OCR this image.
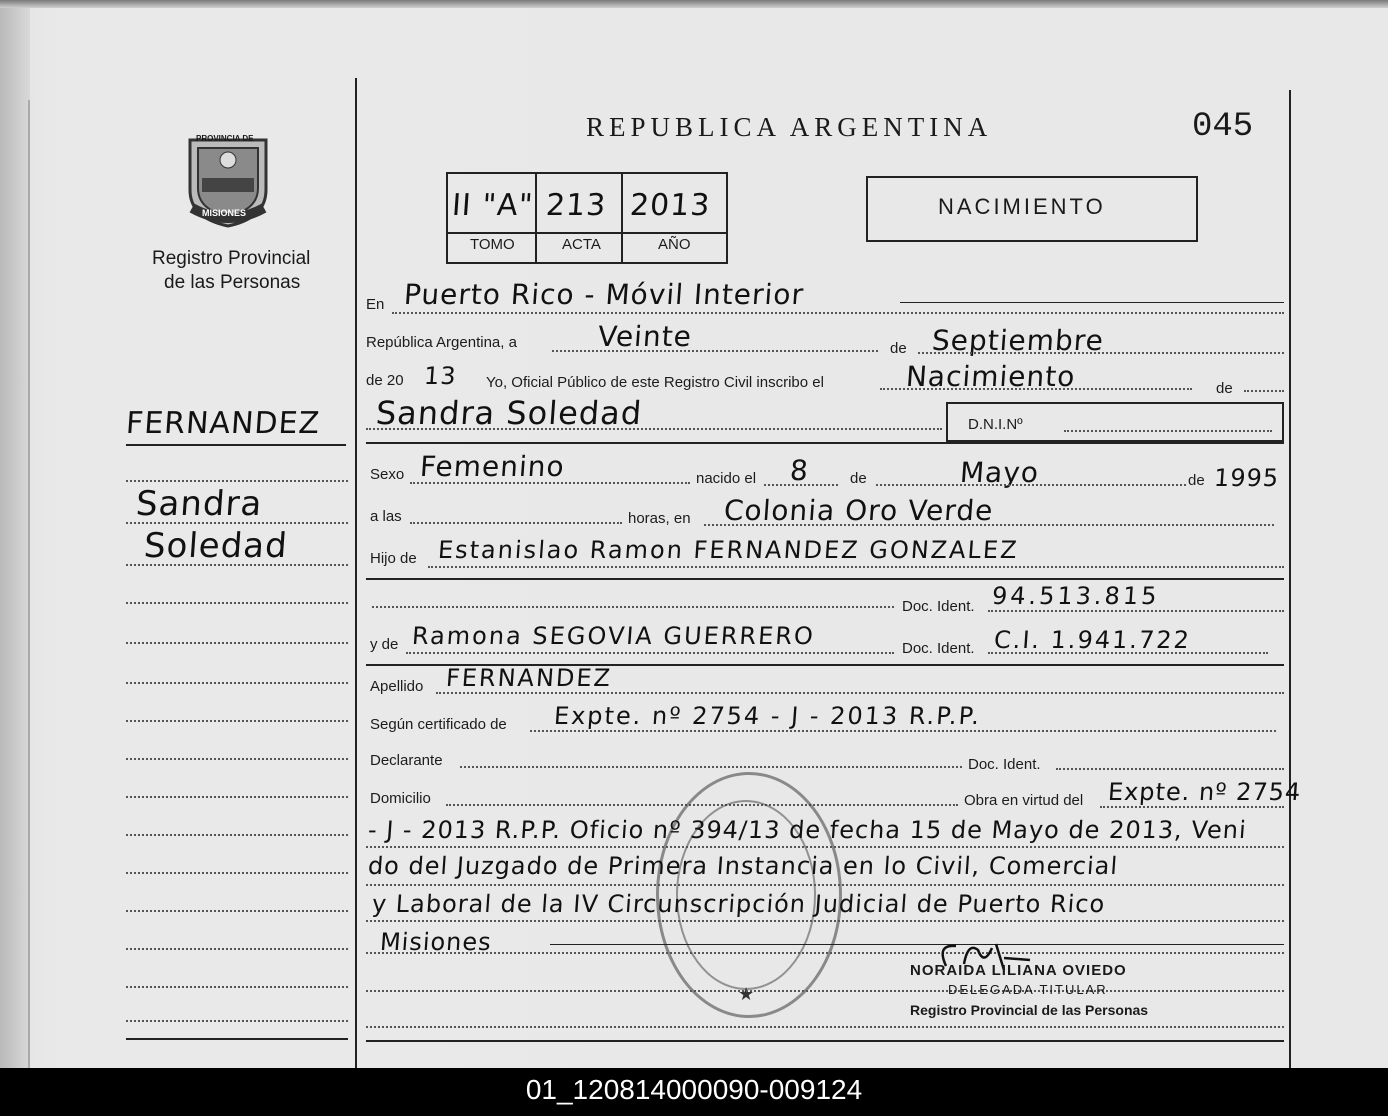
PROVINCIA DE
MISIONES
Registro Provincial
de las Personas
REPUBLICA ARGENTINA	045
II "A" 213 2013
TOMO	ACTA	AÑO
NACIMIENTO
FERNANDEZ
Sandra
Soledad
En Puerto Rico - Móvil Interior
República Argentina, a	Veinte	de Septiembre
de 20 13 Yo, Oficial Público de este Registro Civil inscribo el	Nacimiento	de
Sandra Soledad	D.N.I.Nº
Sexo Femenino	nacido el 8	de	Mayo	de 1995
a las	horas, en Colonia Oro Verde
Hijo de Estanislao Ramon FERNANDEZ GONZALEZ
Doc. Ident. 94.513.815
y de Ramona SEGOVIA GUERRERO	Doc. Ident. C.I. 1.941.722
Apellido FERNANDEZ
Según certificado de Expte. nº 2754 - J - 2013 R.P.P.
Declarante	Doc. Ident.
Domicilio	Obra en virtud del Expte. nº 2754
★
- J - 2013 R.P.P. Oficio nº 394/13 de fecha 15 de Mayo de 2013, Veni
do del Juzgado de Primera Instancia en lo Civil, Comercial
y Laboral de la IV Circunscripción Judicial de Puerto Rico
Misiones
NORAIDA LILIANA OVIEDO
DELEGADA TITULAR
Registro Provincial de las Personas
01_120814000090-009124
